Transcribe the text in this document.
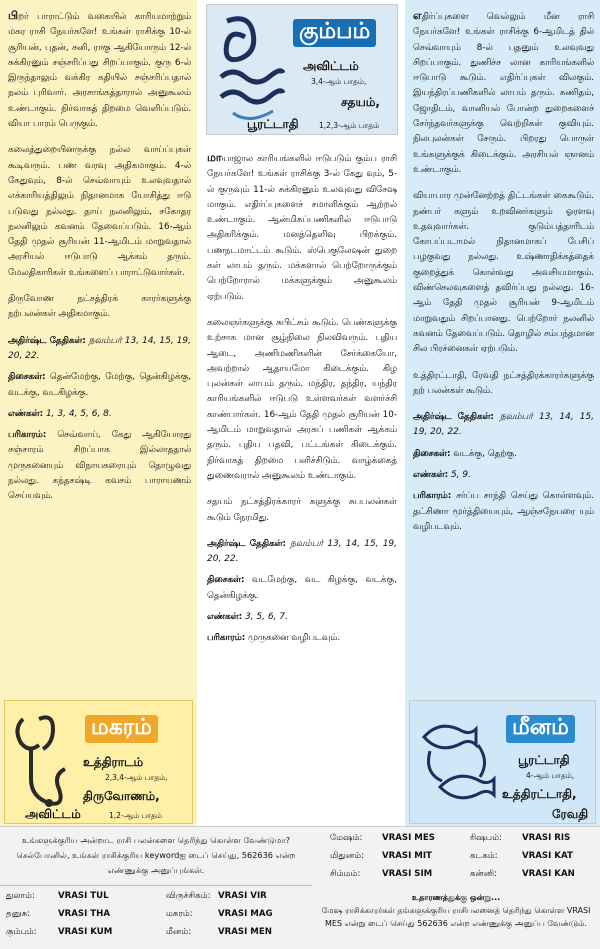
பிறர் பாராட்டும் வகையில் காரியமாற்றும் மகர ராசி நேயர்களே! உங்கள் ராசிக்கு 10-ல் சூரியன், புதன், சனி, ராகு ஆகியோரும் 12-ல் சுக்கிரனும் சஞ்சரிப்பது சிறப்பாகும். குரு 6-ல் இருந்தாலும் வக்கிர கதியில் சஞ்சரிப்பதால் நலம் புரிவார். அரசாங்கத்தாரால் அனுகூலம் உண்டாகும். நிர்வாகத் திறமை வெளிப்படும். வியா பாரம் பெருகும்.

கலைத்துறையினருக்கு நல்ல வாய்ப்புகள் கூடிவரும். பண வரவு அதிகமாகும். 4-ல் கேதுவும், 8-ல் செவ்வாயும் உலவுவதால் எக்காரியத்திலும் நிதானமாக யோசித்து ஈடு படுவது நல்லது. தாய் நலனிலும், சகோதர நலனிலும் கவனம் தேவைப்படும். 16-ஆம் தேதி முதல் சூரியன் 11-ஆமிடம் மாறுவதால் அரசியல் ஈடுபாடு ஆக்கம் தரும். மேலதிகாரிகள் உங்களைப் பாராட்டுவார்கள்.

திருவோண நட்சத்திரக் காரர்களுக்கு நற்பலன்கள் அதிகமாகும்.

அதிர்ஷ்ட தேதிகள்: நவம்பர் 13, 14, 15, 19, 20, 22.

திசைகள்: தென்மேற்கு, மேற்கு, தென்கிழக்கு, வடக்கு, வடகிழக்கு.

எண்கள்: 1, 3, 4, 5, 6, 8.

பரிகாரம்: செவ்வாய், கேது ஆகியோரது சஞ்சாரம் சிறப்பாக இல்லாததால் முருகனையும் விநாயகரையும் தொழுவது நல்லது. கந்தசஷ்டி கவசம் பாராயணம் செய்யவும்.

மாயாஜால காரியங்களில் ஈடுபடும் கும்ப ராசி நேயர்களே! உங்கள் ராசிக்கு 3-ல் கேது வும், 5-ல் குருவும் 11-ல் சுக்கிரனும் உலவுவது விசேஷ மாகும். எதிர்ப்புகளைச் சமாளிக்கும் ஆற்றல் உண்டாகும். ஆன்மிகப்பணிகளில் ஈடுபாடு அதிகரிக்கும். மனத்தெளிவு பிறக்கும். பணநடமாட்டம் கூடும். ஸ்பெகுலேஷன் துறை கள் லாபம் தரும். மக்களால் பெற்றோருக்கும் பெற்றோரால் மக்களுக்கும் அனுகூலம் ஏற்படும்.

கலைஞர்களுக்கு சுபிட்சம் கூடும். பெண்களுக்கு உற்சாக மான சூழ்நிலை நிலவிவரும். புதிய ஆடை, அணிமணிகளின் சேர்க்கையோ, அவற்றால் ஆதாயமோ கிடைக்கும். கிழ புலன்கள் லாபம் தரும். மந்திர, தந்திர, யந்திர காரியங்களில் ஈடுபடு உள்ளவர்கள் வளர்ச்சி காண்பார்கள். 16-ஆம் தேதி முதல் சூரியன் 10-ஆமிடம் மாறுவதால் அரசுப் பணிகள் ஆக்கம் தரும். புதிய பதவி, பட்டங்கள் கிடைக்கும். நிர்வாகத் திறமை பளிச்சிடும். வாழ்க்கைத் துணைவரால் அனுகூலம் உண்டாகும்.

சதயம் நட்சத்திரக்காரர் களுக்கு சுபபலன்கள் கூடும் நேரமிது.

அதிர்ஷ்ட தேதிகள்: நவம்பர் 13, 14, 15, 19, 20, 22.

திசைகள்: வடமேற்கு, வட கிழக்கு, வடக்கு, தென்கிழக்கு.

எண்கள்: 3, 5, 6, 7.

பரிகாரம்: முருகனை வழிபடவும்.

எதிர்ப்புகளை வெல்லும் மீன ராசி நேயர்களே! உங்கள் ராசிக்கு 6-ஆமிடத் தில் செவ்வாயும் 8-ல் புதனும் உலவுவது சிறப்பாகும். துணிச்ச லான காரியங்களில் ஈடுபாடு கூடும். எதிர்ப்புகள் விலகும். இயந்திரப்பணிகளில் லாபம் தரும். கணிதம், ஜோதிடம், வானியல் போன்ற துறைகளைச் சேர்ந்தவர்களுக்கு வெற்றிகள் குவியும். நிலபுலன்கள் சேரும். பிறரது பொருள் உங்களுக்குக் கிடைக்கும். அரசியல் ஞானம் உண்டாகும்.

வியாபார முன்னேற்றத் திட்டங்கள் கைகூடும். நண்பர் களும் உறவினர்களும் ஓரளவு உதவுவார்கள். குடும்பத்தாரிடம் கோபப்படாமல் நிதானமாகப் பேசிப் பழகுவது நல்லது. உஷ்ணாதிக்கத்தைக் குறைத்துக் கொள்வது அவசியமாகும். விண்செலவுகளைத் தவிர்ப்பது நல்லது. 16-ஆம் தேதி முதல் சூரியன் 9-ஆமிடம் மாறுவதும் சிறப்பானது. பெற்றோர் நலனில் கவனம் தேவைப்படும். தொழில் சம்பந்தமான சில பிரச்னைகள் ஏற்படும்.

உத்திரட்டாதி, ரேவதி நட்சத்திரக்காரர்களுக்கு நற் பலன்கள் கூடும்.

அதிர்ஷ்ட தேதிகள்: நவம்பர் 13, 14, 15, 19, 20, 22.

திசைகள்: வடக்கு, தெற்கு.

எண்கள்: 5, 9.

பரிகாரம்: சர்ப்ப சாந்தி செய்து கொள்ளவும். தட்சிணா மூர்த்தியையும், ஆஞ்சநேயரை யும் வழிபடவும்.

கும்பம்
அவிட்டம்
3,4-ஆம் பாதம்,
சதயம்,
பூரட்டாதி	1,2,3-ஆம் பாதம்
மகரம்
உத்திராடம்
2,3,4-ஆம் பாதம்,
திருவோணம்,
அவிட்டம்	1,2-ஆம் பாதம்
மீனம்
பூரட்டாதி
4-ஆம் பாதம்,
உத்திரட்டாதி,
ரேவதி
உங்களுக்குரிய அன்றாட ராசி பலன்களை தெரிந்து கொள்ள வேண்டுமா? செல்போனில், உங்கள் ராசிக்குரிய keywordஐ டைப் செய்து, 562636 என்ற எண்ணுக்கு அனுப்புங்கள்.
மேஷம்: VRASI MES	ரிஷபம்: VRASI RIS
மிதுனம்: VRASI MIT	கடகம்:	VRASI KAT
சிம்மம்:	VRASI SIM	கன்னி:	VRASI KAN
துலாம்:	VRASI TUL	விருச்சிகம்: VRASI VIR
தனுசு:	VRASI THA	மகரம்:	VRASI MAG
கும்பம்: VRASI KUM	மீனம்:	VRASI MEN
உதாரணத்துக்கு ஒன்று...
மேஷ ராசிக்காரர்கள் தங்களுக்குரிய ராசிபலனைத் தெரிந்து கொள்ள VRASI MES என்று டைப் செய்து 562636 என்ற எண்ணுக்கு அனுப்ப வேண்டும்.
